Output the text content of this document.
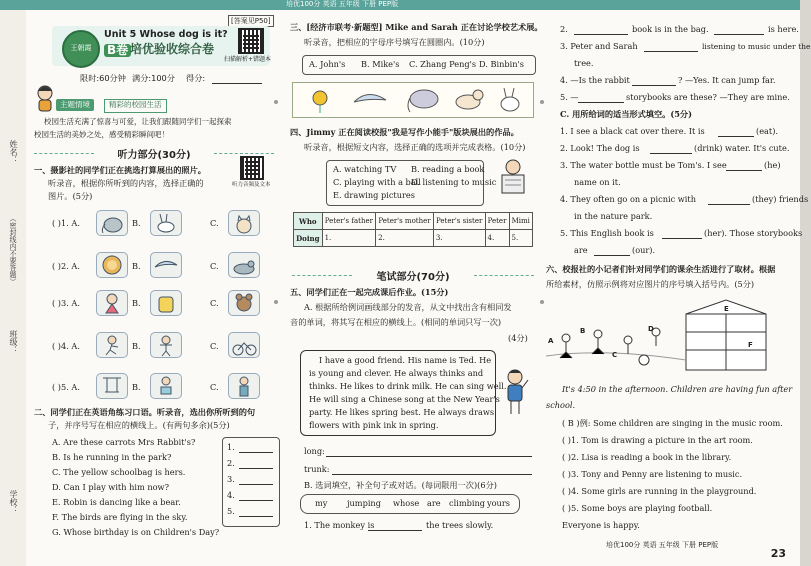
培优100分 英语 五年级 下册 PEP版
姓名：
（密封线内不要答题）
班级：
学校：
[答案见P50]
王朝霞
Unit 5 Whose dog is it?
B卷 培优验收综合卷
扫描解析+错题本
限时:60分钟 满分:100分 得分:
主题情境	精彩的校园生活
校园生活充满了惊喜与可爱，让我们跟随同学们一起探索
校园生活的美妙之处，感受精彩瞬间吧！
听力部分(30分)
听力音频及文本
一、摄影社的同学们正在挑选打算展出的照片。
听录音，根据你所听到的内容，选择正确的
图片。(5分)
( )1. A.	B.	C.
( )2. A.	B.	C.
( )3. A.	B.	C.
( )4. A.	B.	C.
( )5. A.	B.	C.
二、同学们正在英语角练习口语。听录音，选出你所听到的句
子，并序号写在相应的横线上。(有两句多余)(5分)
A. Are these carrots Mrs Rabbit's?
B. Is he running in the park?
C. The yellow schoolbag is hers.
D. Can I play with him now?
E. Robin is dancing like a bear.
F. The birds are flying in the sky.
G. Whose birthday is on Children's Day?
1.
2.
3.
4.
5.
三、[经济市联考·新题型] Mike and Sarah 正在讨论学校艺术展。
听录音，把相应的字母序号填写在圆圈内。(10分)
A. John's B. Mike's C. Zhang Peng's D. Binbin's
四、Jimmy 正在阅读校报"我是写作小能手"版块展出的作品。
听录音，根据短文内容，选择正确的选项并完成表格。(10分)
A. watching TV B. reading a book
C. playing with a ball
D. listening to music
E. drawing pictures
Who	Peter's father	Peter's mother	Peter's sister	Peter	Mimi
Doing	1.	2.	3.	4.	5.
笔试部分(70分)
五、同学们正在一起完成课后作业。(15分)
A. 根据所给例词画线部分的发音，从文中找出含有相同发
音的单词，将其写在相应的横线上。(相同的单词只写一次)
(4分)
I have a good friend. His name is Ted. He
is young and clever. He always thinks and
thinks. He likes to drink milk. He can sing well.
He will sing a Chinese song at the New Year's
party. He likes spring best. He always draws
flowers with pink ink in spring.
long:
trunk:
B. 选词填空，补全句子或对话。(每词限用一次)(6分)
my jumping whose are climbing yours
1. The monkey is	the trees slowly.
2.	book is in the bag.	is here.
3. Peter and Sarah	listening to music under the
tree.
4. —Is the rabbit	? —Yes. It can jump far.
5. —	storybooks are these? —They are mine.
C. 用所给词的适当形式填空。(5分)
1. I see a black cat over there. It is	(eat).
2. Look! The dog is	(drink) water. It's cute.
3. The water bottle must be Tom's. I see	(he)
name on it.
4. They often go on a picnic with	(they) friends
in the nature park.
5. This English book is	(her). Those storybooks
are	(our).
六、校报社的小记者们针对同学们的课余生活进行了取材。根据
所给素材，仿照示例将对应图片的序号填入括号内。(5分)
A
B
C
D
E
F
It's 4:50 in the afternoon. Children are having fun after
school.
( B )例: Some children are singing in the music room.
( )1. Tom is drawing a picture in the art room.
( )2. Lisa is reading a book in the library.
( )3. Tony and Penny are listening to music.
( )4. Some girls are running in the playground.
( )5. Some boys are playing football.
Everyone is happy.
培优100分 英语 五年级 下册 PEP版
23
